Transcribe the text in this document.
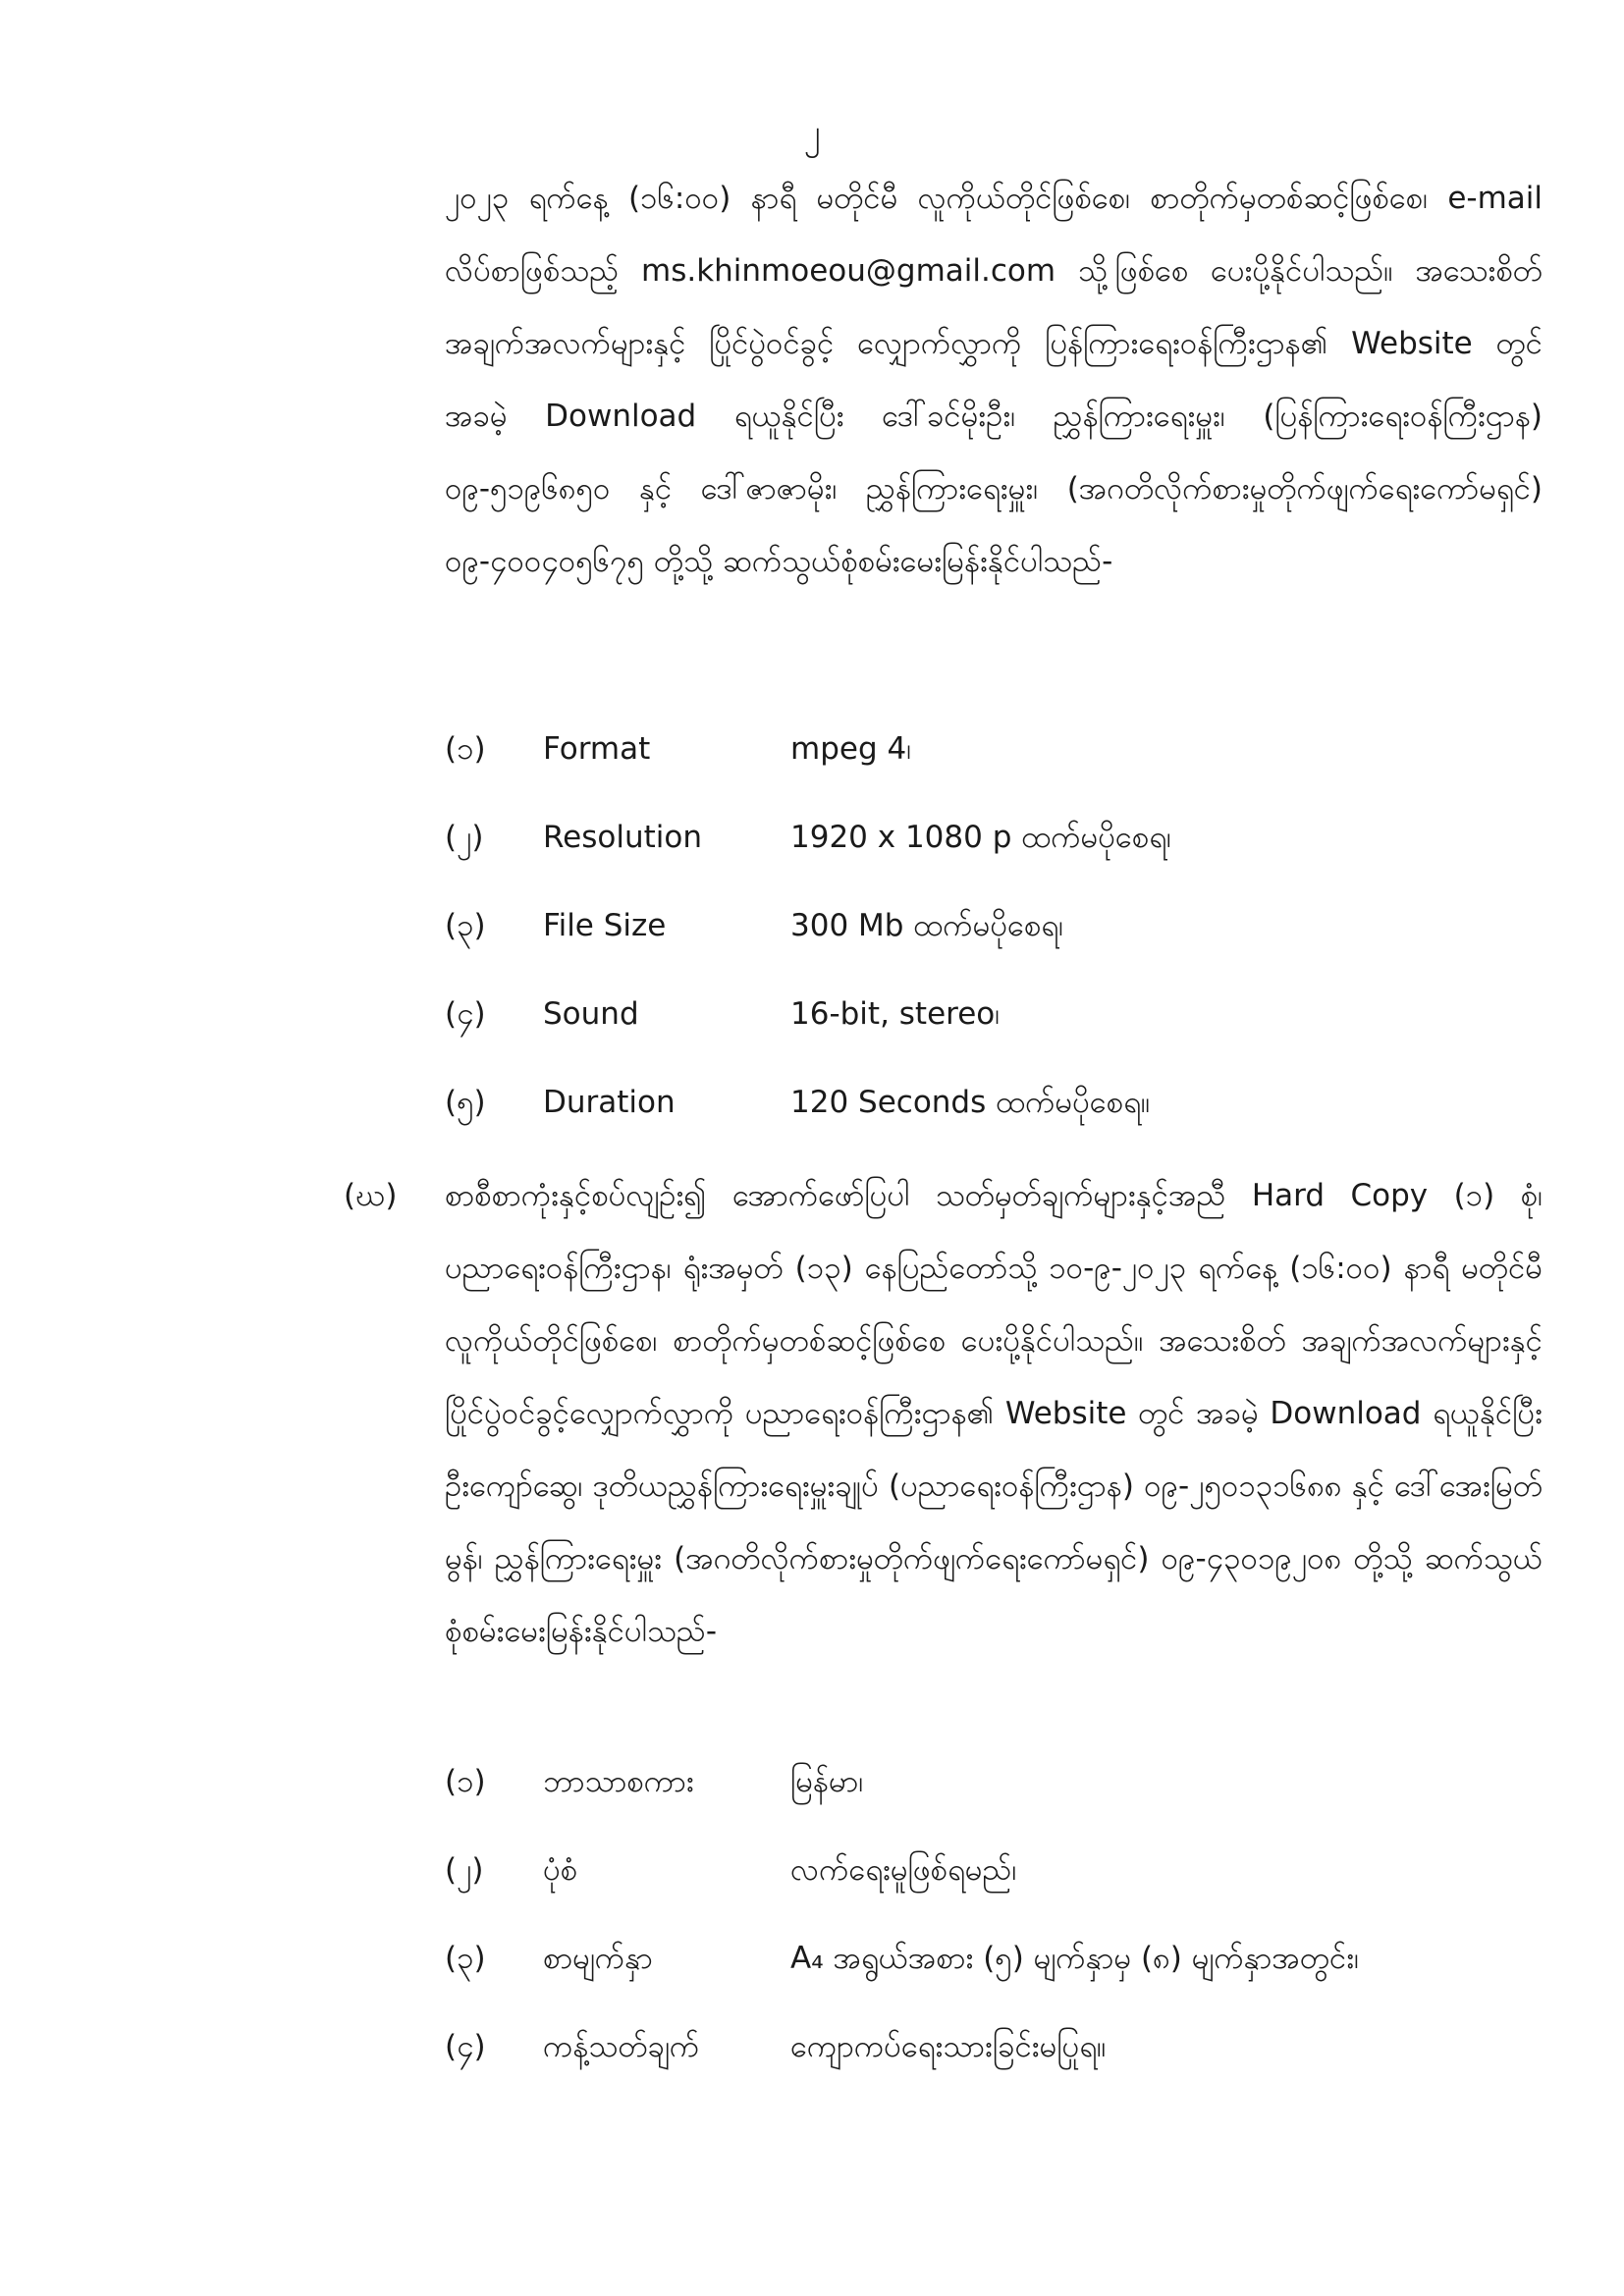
၂
၂၀၂၃ ရက်နေ့ (၁၆:၀၀) နာရီ မတိုင်မီ လူကိုယ်တိုင်ဖြစ်စေ၊ စာတိုက်မှတစ်ဆင့်ဖြစ်စေ၊ e-mail လိပ်စာဖြစ်သည့် ms.khinmoeou@gmail.com သို့ဖြစ်စေ ပေးပို့နိုင်ပါသည်။ အသေးစိတ်အချက်အလက်များနှင့် ပြိုင်ပွဲဝင်ခွင့် လျှောက်လွှာကို ပြန်ကြားရေးဝန်ကြီးဌာန၏ Website တွင် အခမဲ့ Download ရယူနိုင်ပြီး ဒေါ်ခင်မိုးဦး၊ ညွှန်ကြားရေးမှူး၊ (ပြန်ကြားရေးဝန်ကြီးဌာန) ၀၉-၅၁၉၆၈၅၀ နှင့် ဒေါ်ဇာဇာမိုး၊ ညွှန်ကြားရေးမှူး၊ (အဂတိလိုက်စားမှုတိုက်ဖျက်ရေးကော်မရှင်) ၀၉-၄၀၀၄၀၅၆၇၅ တို့သို့ ဆက်သွယ်စုံစမ်းမေးမြန်းနိုင်ပါသည်-
(၁)	Format	mpeg 4၊
(၂)	Resolution	1920 x 1080 p ထက်မပိုစေရ၊
(၃)	File Size	300 Mb ထက်မပိုစေရ၊
(၄)	Sound	16-bit, stereo၊
(၅)	Duration	120 Seconds ထက်မပိုစေရ။
(ဃ) စာစီစာကုံးနှင့်စပ်လျဉ်း၍ အောက်ဖော်ပြပါ သတ်မှတ်ချက်များနှင့်အညီ Hard Copy (၁) စုံ၊ ပညာရေးဝန်ကြီးဌာန၊ ရုံးအမှတ် (၁၃) နေပြည်တော်သို့ ၁၀-၉-၂၀၂၃ ရက်နေ့ (၁၆:၀၀) နာရီ မတိုင်မီ လူကိုယ်တိုင်ဖြစ်စေ၊ စာတိုက်မှတစ်ဆင့်ဖြစ်စေ ပေးပို့နိုင်ပါသည်။ အသေးစိတ် အချက်အလက်များနှင့် ပြိုင်ပွဲဝင်ခွင့်လျှောက်လွှာကို ပညာရေးဝန်ကြီးဌာန၏ Website တွင် အခမဲ့ Download ရယူနိုင်ပြီး ဦးကျော်ဆွေ၊ ဒုတိယညွှန်ကြားရေးမှူးချုပ် (ပညာရေးဝန်ကြီးဌာန) ၀၉-၂၅၀၁၃၁၆၈၈ နှင့် ဒေါ်အေးမြတ်မွန်၊ ညွှန်ကြားရေးမှူး (အဂတိလိုက်စားမှုတိုက်ဖျက်ရေးကော်မရှင်) ၀၉-၄၃၀၁၉၂၀၈ တို့သို့ ဆက်သွယ် စုံစမ်းမေးမြန်းနိုင်ပါသည်-
(၁)	ဘာသာစကား	မြန်မာ၊
(၂)	ပုံစံ	လက်ရေးမူဖြစ်ရမည်၊
(၃)	စာမျက်နှာ	A₄ အရွယ်အစား (၅) မျက်နှာမှ (၈) မျက်နှာအတွင်း၊
(၄)	ကန့်သတ်ချက်	ကျောကပ်ရေးသားခြင်းမပြုရ။
